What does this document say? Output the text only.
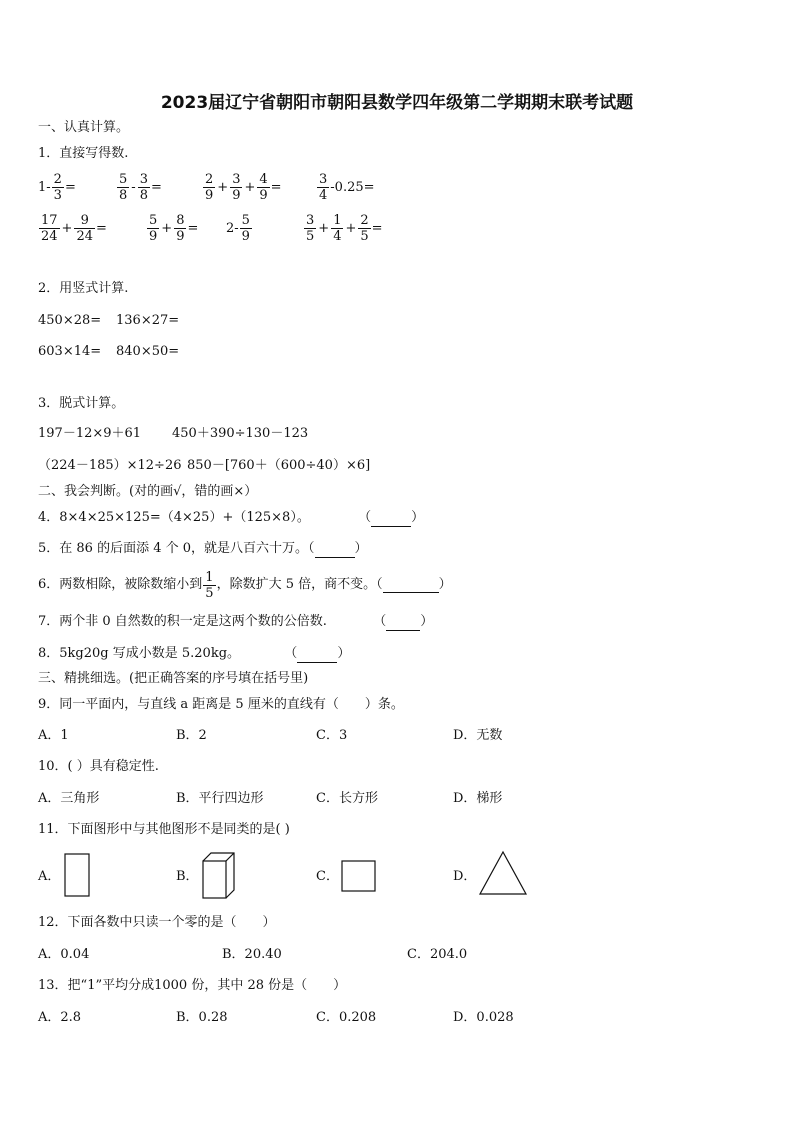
2023届辽宁省朝阳市朝阳县数学四年级第二学期期末联考试题
一、认真计算。
1．直接写得数.
$1- \frac{2}{3}$ =	$\frac{5}{8} - \frac{3}{8}$ =	$\frac{2}{9} + \frac{3}{9} + \frac{4}{9}$ =	$\frac{3}{4} -0.25=$
$\frac{17}{24} + \frac{9}{24}$ =	$\frac{5}{9} + \frac{8}{9} = 2- \frac{5}{9}$	$\frac{3}{5} + \frac{1}{4} + \frac{2}{5}$ =
2．用竖式计算.
450×28= 136×27=
603×14= 840×50=
3．脱式计算。
197－12×9＋61 450＋390÷130－123
（224－185）×12÷26 850－[760＋（600÷40）×6]
二、我会判断。(对的画√，错的画×）
4．8×4×25×125=（4×25）+（125×8）。	（	）
5．在 86 的后面添 4 个 0，就是八百六十万。（	）
6．两数相除，被除数缩小到 $\frac{1}{5}$ ，除数扩大 5 倍，商不变。（	）
7．两个非 0 自然数的积一定是这两个数的公倍数.	（	）
8．5kg20g 写成小数是 5.20kg。	（	）
三、精挑细选。(把正确答案的序号填在括号里)
9．同一平面内，与直线 a 距离是 5 厘米的直线有（　　）条。
A．1	B．2	C．3	D．无数
10．( ）具有稳定性.
A．三角形	B．平行四边形	C．长方形	D．梯形
11．下面图形中与其他图形不是同类的是( )
A．	B．	C．	D．
12．下面各数中只读一个零的是（　　）
A．0.04	B．20.40	C．204.0
13．把“1”平均分成1000 份，其中 28 份是（　　）
A．2.8	B．0.28	C．0.208	D．0.028
